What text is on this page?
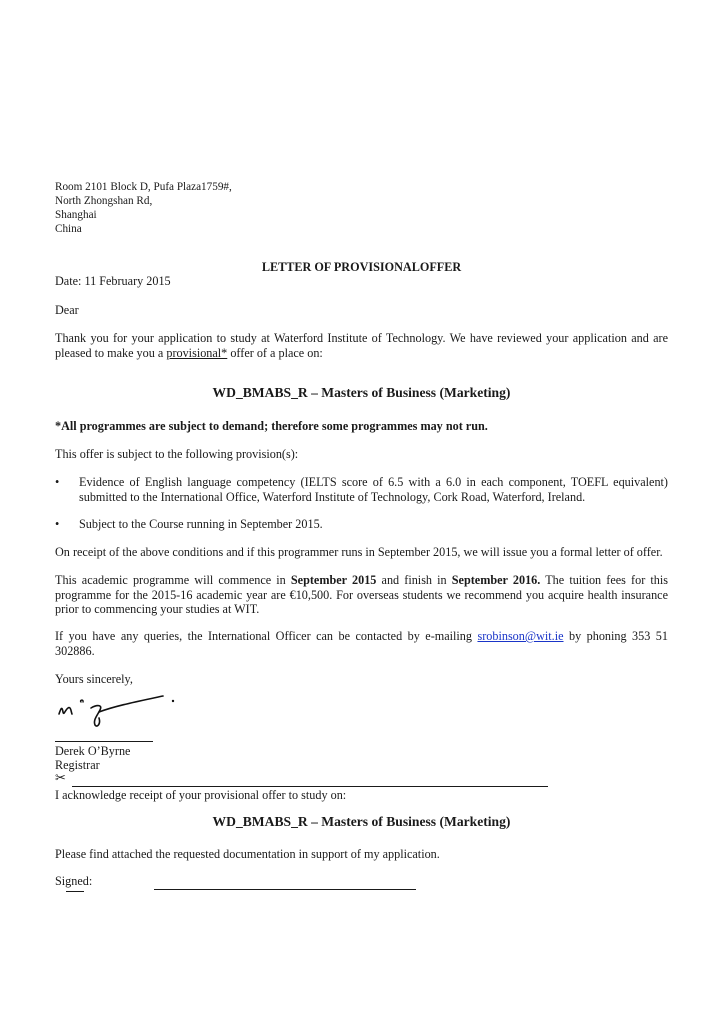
Room 2101 Block D, Pufa Plaza1759#,
North Zhongshan Rd,
Shanghai
China
LETTER OF PROVISIONALOFFER
Date: 11 February 2015
Dear
Thank you for your application to study at Waterford Institute of Technology. We have reviewed your application and are pleased to make you a provisional* offer of a place on:
WD_BMABS_R – Masters of Business (Marketing)
*All programmes are subject to demand; therefore some programmes may not run.
This offer is subject to the following provision(s):
• Evidence of English language competency (IELTS score of 6.5 with a 6.0 in each component, TOEFL equivalent) submitted to the International Office, Waterford Institute of Technology, Cork Road, Waterford, Ireland.
• Subject to the Course running in September 2015.
On receipt of the above conditions and if this programmer runs in September 2015, we will issue you a formal letter of offer.
This academic programme will commence in September 2015 and finish in September 2016. The tuition fees for this programme for the 2015-16 academic year are €10,500. For overseas students we recommend you acquire health insurance prior to commencing your studies at WIT.
If you have any queries, the International Officer can be contacted by e-mailing srobinson@wit.ie by phoning 353 51 302886.
Yours sincerely,
Derek O’Byrne
Registrar
✂
I acknowledge receipt of your provisional offer to study on:
WD_BMABS_R – Masters of Business (Marketing)
Please find attached the requested documentation in support of my application.
Signed:
